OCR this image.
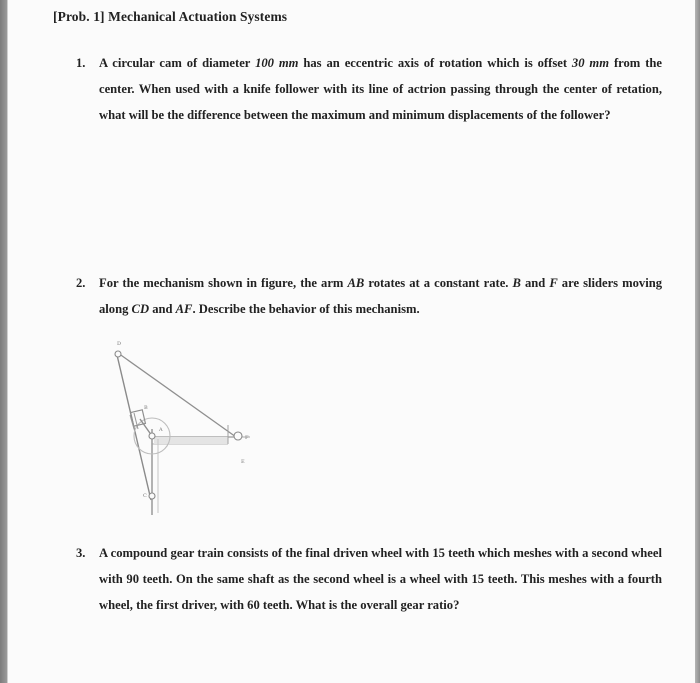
[Prob. 1] Mechanical Actuation Systems
1. A circular cam of diameter 100 mm has an eccentric axis of rotation which is offset 30 mm from the center. When used with a knife follower with its line of actrion passing through the center of retation, what will be the difference between the maximum and minimum displacements of the follower?
2. For the mechanism shown in figure, the arm AB rotates at a constant rate. B and F are sliders moving along CD and AF. Describe the behavior of this mechanism.
D
B
A
F
E
C
3. A compound gear train consists of the final driven wheel with 15 teeth which meshes with a second wheel with 90 teeth. On the same shaft as the second wheel is a wheel with 15 teeth. This meshes with a fourth wheel, the first driver, with 60 teeth. What is the overall gear ratio?
